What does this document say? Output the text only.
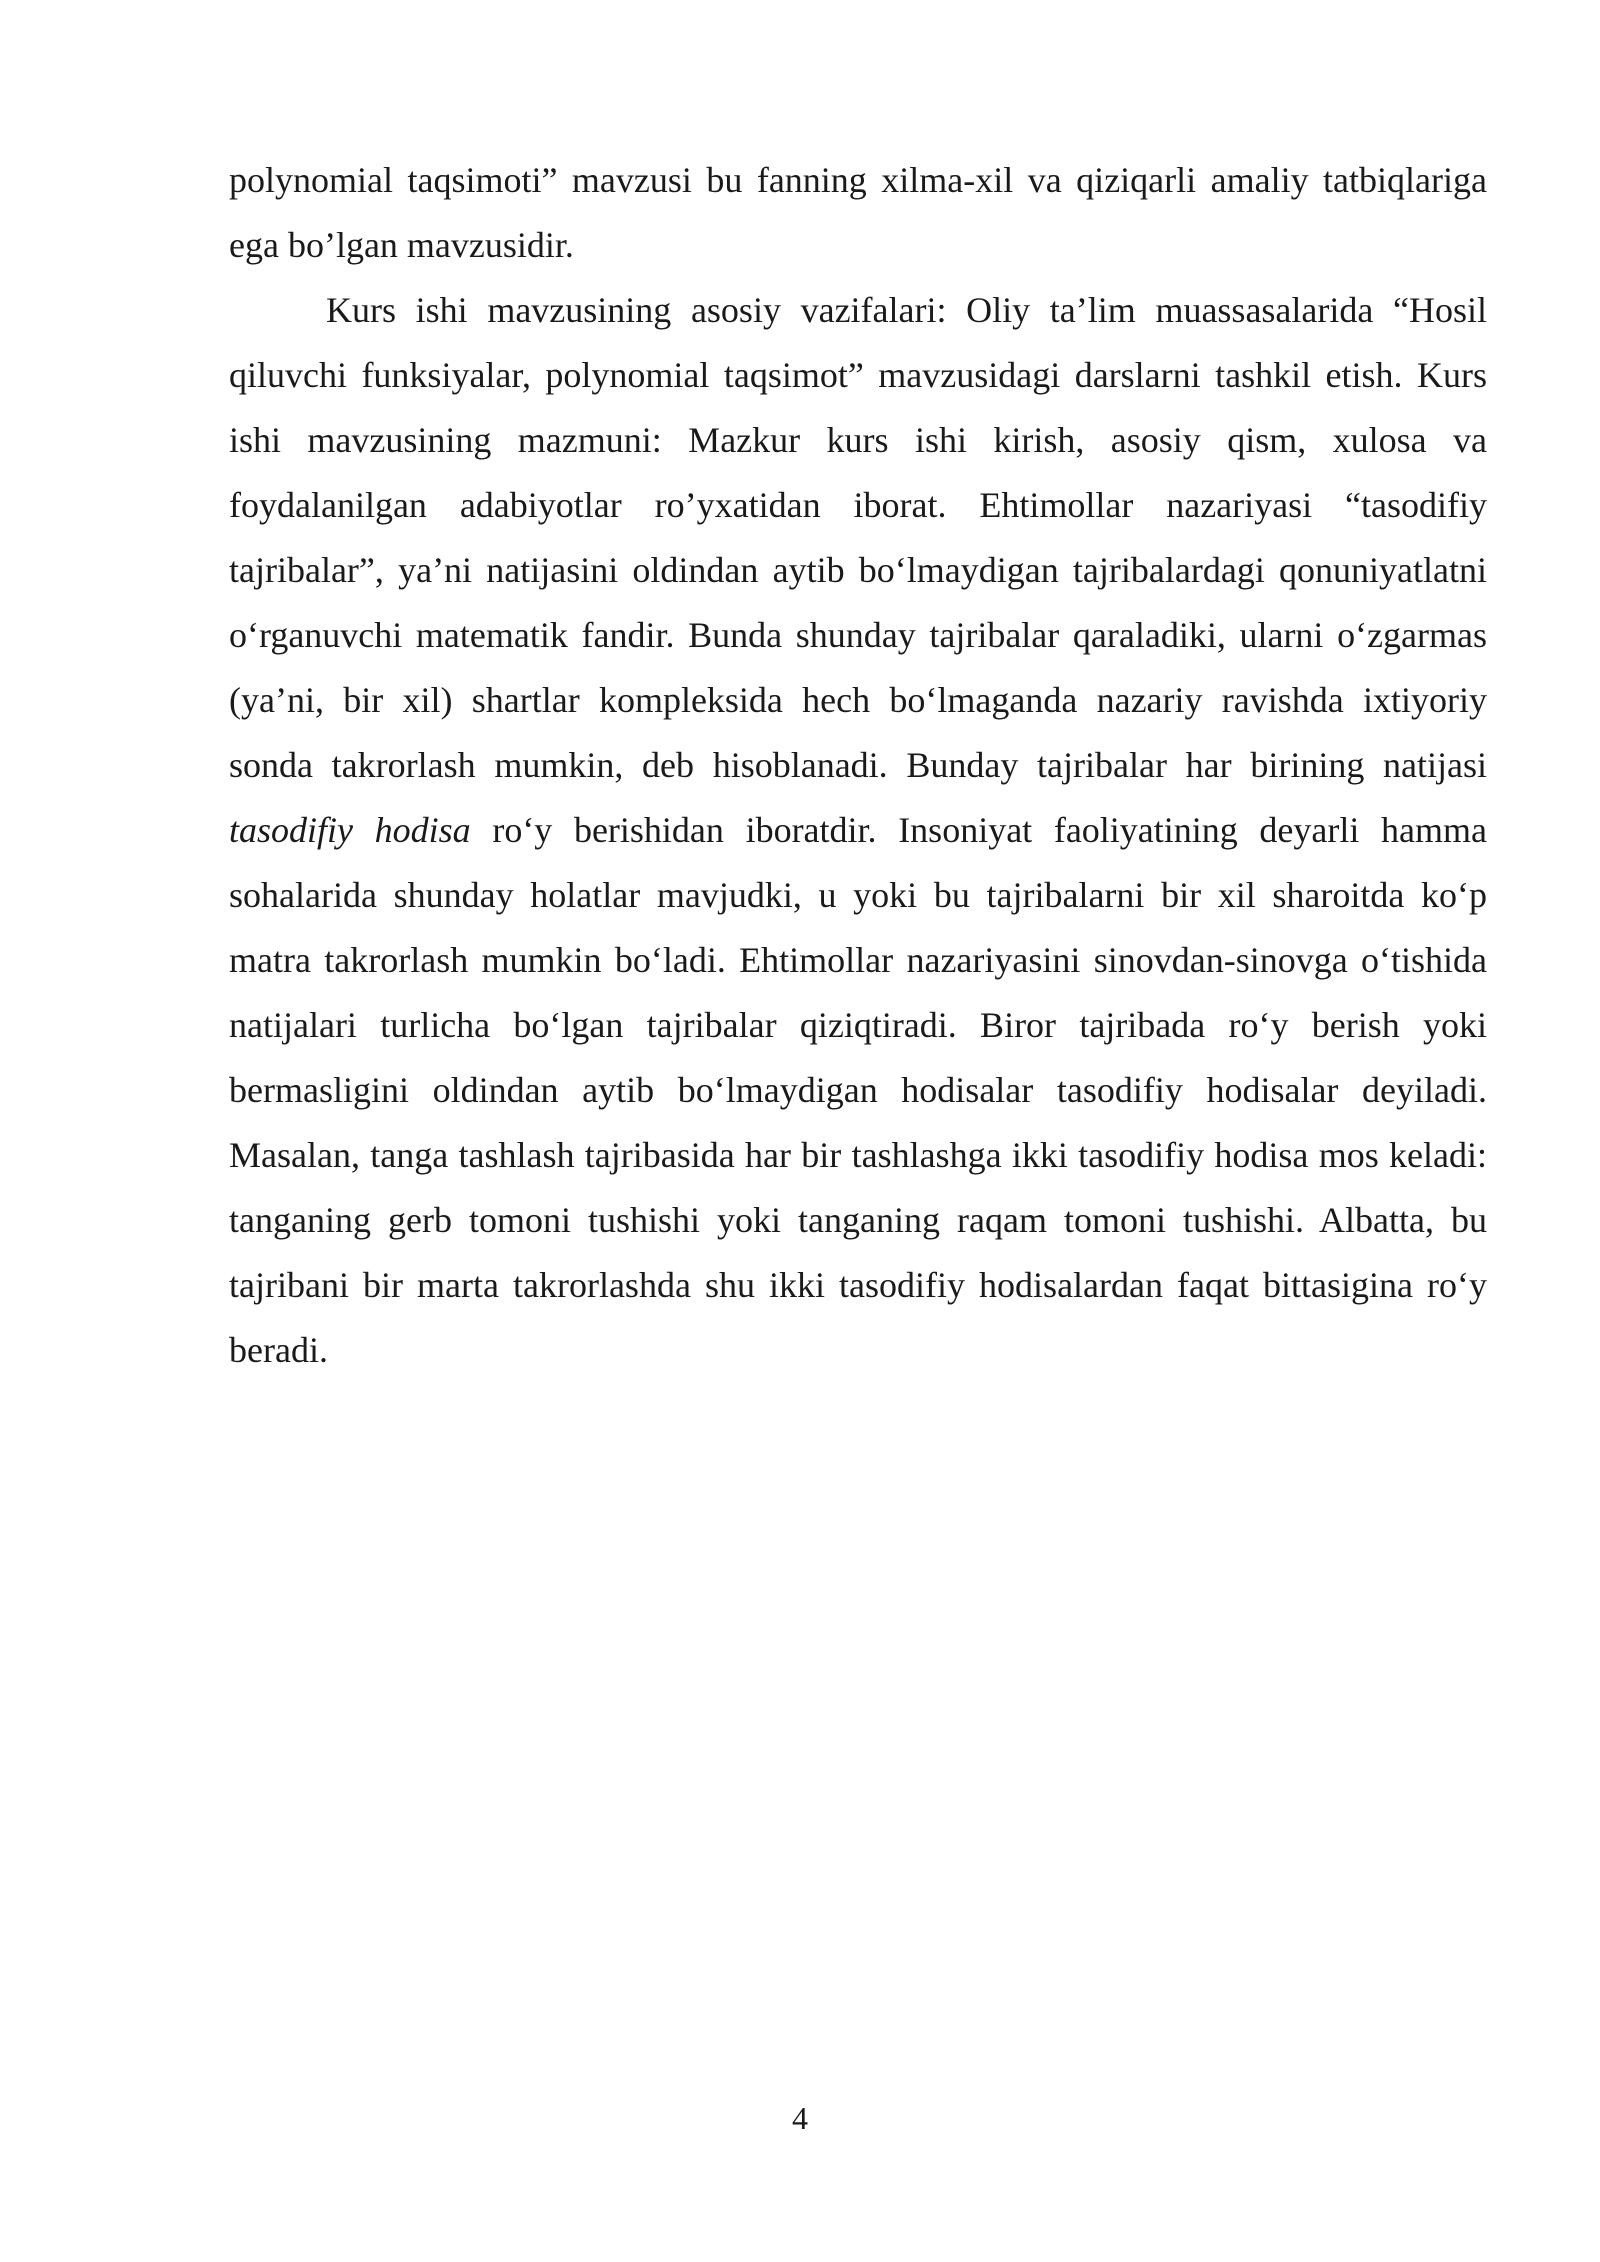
polynomial taqsimoti” mavzusi bu fanning xilma-xil va qiziqarli amaliy tatbiqlariga ega bo’lgan mavzusidir.

Kurs ishi mavzusining asosiy vazifalari: Oliy ta’lim muassasalarida “Hosil qiluvchi funksiyalar, polynomial taqsimot” mavzusidagi darslarni tashkil etish. Kurs ishi mavzusining mazmuni: Mazkur kurs ishi kirish, asosiy qism, xulosa va foydalanilgan adabiyotlar ro’yxatidan iborat. Ehtimollar nazariyasi “tasodifiy tajribalar”, ya’ni natijasini oldindan aytib bo‘lmaydigan tajribalardagi qonuniyatlatni o‘rganuvchi matematik fandir. Bunda shunday tajribalar qaraladiki, ularni o‘zgarmas (ya’ni, bir xil) shartlar kompleksida hech bo‘lmaganda nazariy ravishda ixtiyoriy sonda takrorlash mumkin, deb hisoblanadi. Bunday tajribalar har birining natijasi tasodifiy hodisa ro‘y berishidan iboratdir. Insoniyat faoliyatining deyarli hamma sohalarida shunday holatlar mavjudki, u yoki bu tajribalarni bir xil sharoitda ko‘p matra takrorlash mumkin bo‘ladi. Ehtimollar nazariyasini sinovdan-sinovga o‘tishida natijalari turlicha bo‘lgan tajribalar qiziqtiradi. Biror tajribada ro‘y berish yoki bermasligini oldindan aytib bo‘lmaydigan hodisalar tasodifiy hodisalar deyiladi. Masalan, tanga tashlash tajribasida har bir tashlashga ikki tasodifiy hodisa mos keladi: tanganing gerb tomoni tushishi yoki tanganing raqam tomoni tushishi. Albatta, bu tajribani bir marta takrorlashda shu ikki tasodifiy hodisalardan faqat bittasigina ro‘y beradi.

4
